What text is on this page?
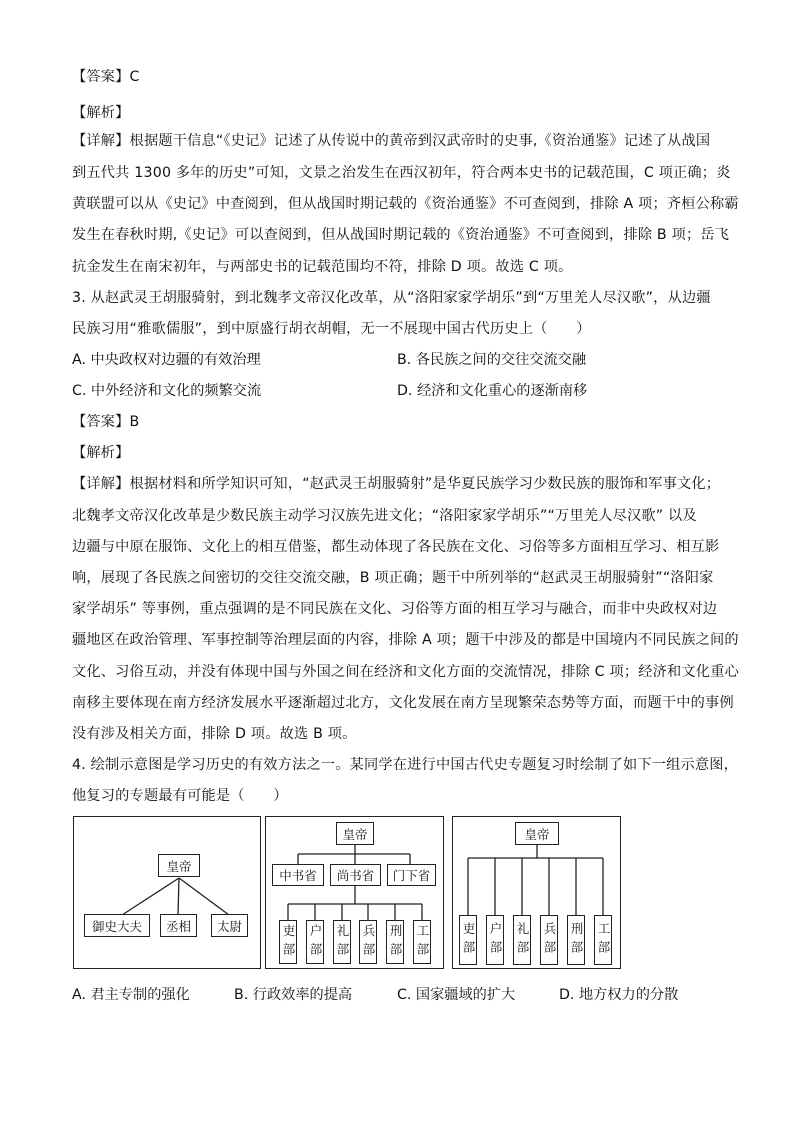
【答案】C
【解析】
【详解】根据题干信息“《史记》记述了从传说中的黄帝到汉武帝时的史事,《资治通鉴》记述了从战国
到五代共 1300 多年的历史”可知，文景之治发生在西汉初年，符合两本史书的记载范围，C 项正确；炎
黄联盟可以从《史记》中查阅到，但从战国时期记载的《资治通鉴》不可查阅到，排除 A 项；齐桓公称霸
发生在春秋时期,《史记》可以查阅到，但从战国时期记载的《资治通鉴》不可查阅到，排除 B 项；岳飞
抗金发生在南宋初年，与两部史书的记载范围均不符，排除 D 项。故选 C 项。
3. 从赵武灵王胡服骑射，到北魏孝文帝汉化改革，从“洛阳家家学胡乐”到“万里羌人尽汉歌”，从边疆
民族习用“雅歌儒服”，到中原盛行胡衣胡帽，无一不展现中国古代历史上（　　）
A. 中央政权对边疆的有效治理	B. 各民族之间的交往交流交融
C. 中外经济和文化的频繁交流	D. 经济和文化重心的逐渐南移
【答案】B
【解析】
【详解】根据材料和所学知识可知，“赵武灵王胡服骑射”是华夏民族学习少数民族的服饰和军事文化；
北魏孝文帝汉化改革是少数民族主动学习汉族先进文化；“洛阳家家学胡乐”“万里羌人尽汉歌” 以及
边疆与中原在服饰、文化上的相互借鉴，都生动体现了各民族在文化、习俗等多方面相互学习、相互影
响，展现了各民族之间密切的交往交流交融，B 项正确；题干中所列举的“赵武灵王胡服骑射”“洛阳家
家学胡乐” 等事例，重点强调的是不同民族在文化、习俗等方面的相互学习与融合，而非中央政权对边
疆地区在政治管理、军事控制等治理层面的内容，排除 A 项；题干中涉及的都是中国境内不同民族之间的
文化、习俗互动，并没有体现中国与外国之间在经济和文化方面的交流情况，排除 C 项；经济和文化重心
南移主要体现在南方经济发展水平逐渐超过北方，文化发展在南方呈现繁荣态势等方面，而题干中的事例
没有涉及相关方面，排除 D 项。故选 B 项。
4. 绘制示意图是学习历史的有效方法之一。某同学在进行中国古代史专题复习时绘制了如下一组示意图，
他复习的专题最有可能是（　　）
皇帝
御史大夫	丞相	太尉
皇帝
中书省	尚书省	门下省
吏部 户部 礼部 兵部 刑部 工部
皇帝
吏部 户部 礼部 兵部 刑部 工部
A. 君主专制的强化	B. 行政效率的提高	C. 国家疆域的扩大	D. 地方权力的分散
